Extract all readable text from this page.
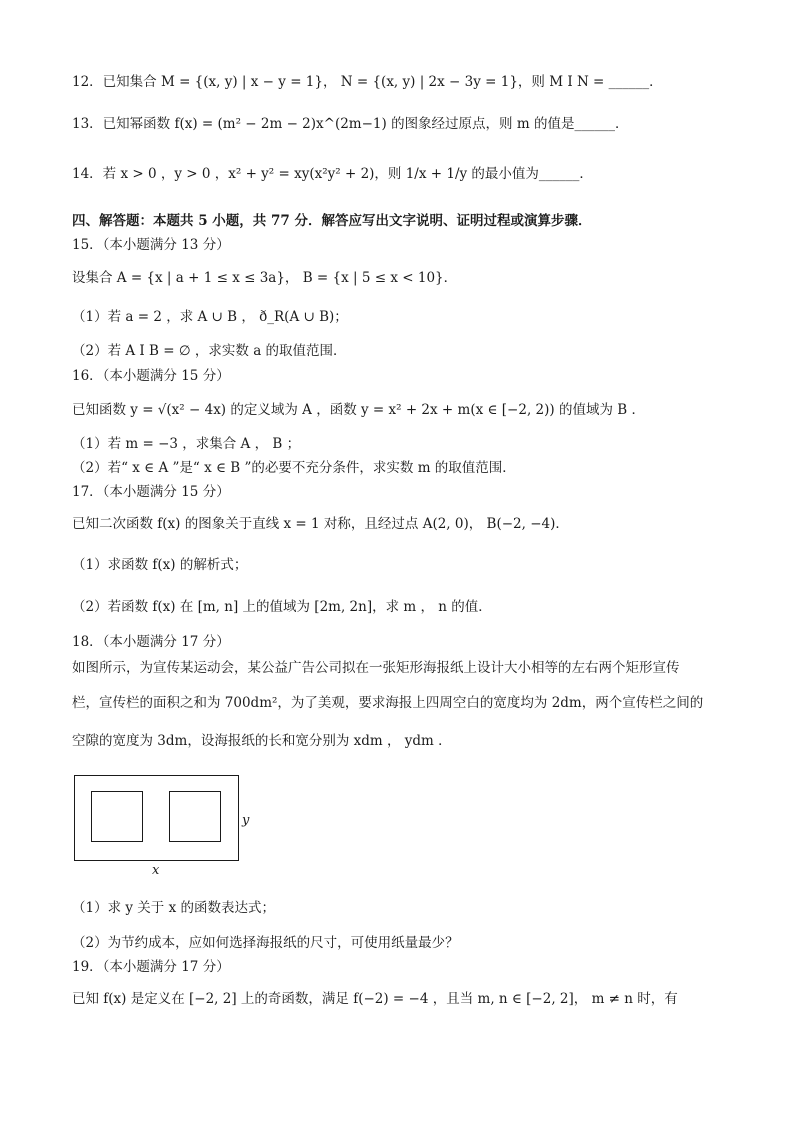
12．已知集合 M = {(x, y) | x − y = 1}， N = {(x, y) | 2x − 3y = 1}，则 M I N = ______．
13．已知幂函数 f(x) = (m² − 2m − 2)x^(2m−1) 的图象经过原点，则 m 的值是______．
14．若 x > 0 ，y > 0 ，x² + y² = xy(x²y² + 2)，则 1/x + 1/y 的最小值为______．
四、解答题：本题共 5 小题，共 77 分．解答应写出文字说明、证明过程或演算步骤．
15．（本小题满分 13 分）
设集合 A = {x | a + 1 ≤ x ≤ 3a}， B = {x | 5 ≤ x < 10}．
（1）若 a = 2 ，求 A ∪ B ， ð_R(A ∪ B)；
（2）若 A I B = ∅ ，求实数 a 的取值范围．
16．（本小题满分 15 分）
已知函数 y = √(x² − 4x) 的定义域为 A ，函数 y = x² + 2x + m(x ∈ [−2, 2)) 的值域为 B ．
（1）若 m = −3 ，求集合 A ， B ；
（2）若“ x ∈ A ”是“ x ∈ B ”的必要不充分条件，求实数 m 的取值范围．
17．（本小题满分 15 分）
已知二次函数 f(x) 的图象关于直线 x = 1 对称，且经过点 A(2, 0)， B(−2, −4)．
（1）求函数 f(x) 的解析式；
（2）若函数 f(x) 在 [m, n] 上的值域为 [2m, 2n]，求 m ， n 的值．
18．（本小题满分 17 分）
如图所示，为宣传某运动会，某公益广告公司拟在一张矩形海报纸上设计大小相等的左右两个矩形宣传
栏，宣传栏的面积之和为 700dm²，为了美观，要求海报上四周空白的宽度均为 2dm，两个宣传栏之间的
空隙的宽度为 3dm，设海报纸的长和宽分别为 xdm ， ydm ．
y
x
（1）求 y 关于 x 的函数表达式；
（2）为节约成本，应如何选择海报纸的尺寸，可使用纸量最少？
19．（本小题满分 17 分）
已知 f(x) 是定义在 [−2, 2] 上的奇函数，满足 f(−2) = −4 ，且当 m, n ∈ [−2, 2]， m ≠ n 时，有
